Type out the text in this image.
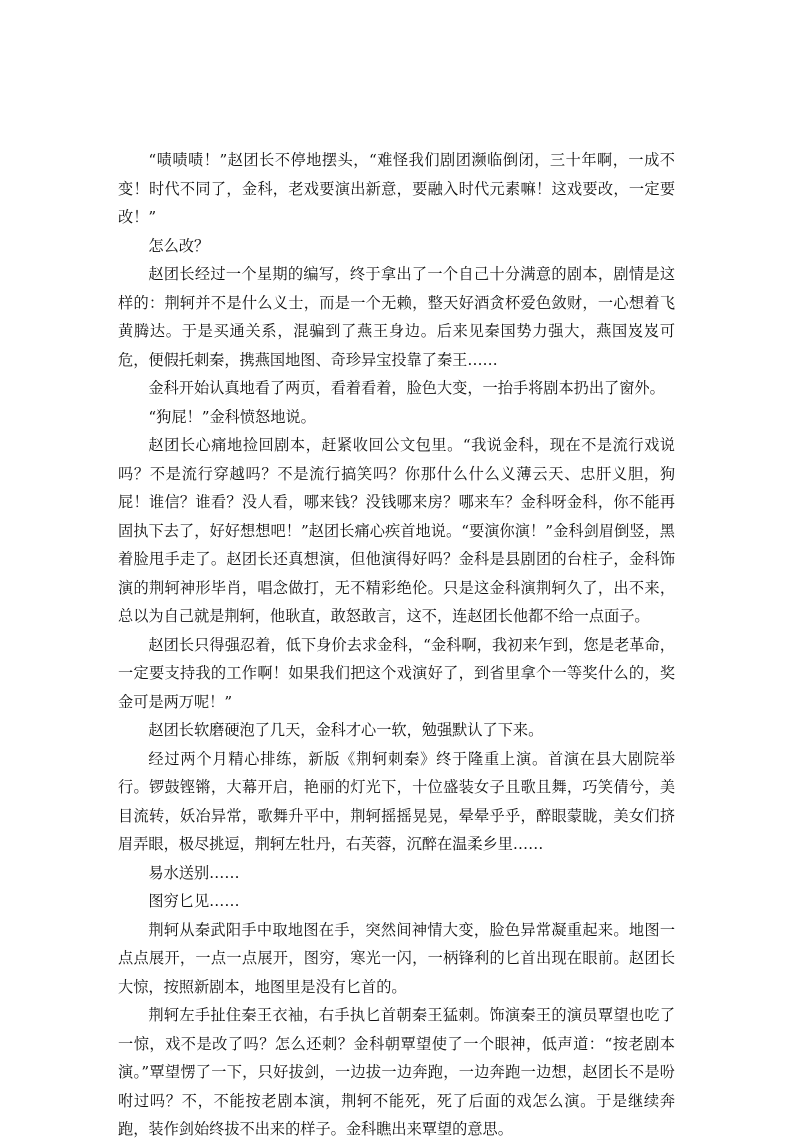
“啧啧啧！”赵团长不停地摆头，“难怪我们剧团濒临倒闭，三十年啊，一成不变！时代不同了，金科，老戏要演出新意，要融入时代元素嘛！这戏要改，一定要改！”

怎么改？

赵团长经过一个星期的编写，终于拿出了一个自己十分满意的剧本，剧情是这样的：荆轲并不是什么义士，而是一个无赖，整天好酒贪杯爱色敛财，一心想着飞黄腾达。于是买通关系，混骗到了燕王身边。后来见秦国势力强大，燕国岌岌可危，便假托刺秦，携燕国地图、奇珍异宝投靠了秦王……

金科开始认真地看了两页，看着看着，脸色大变，一抬手将剧本扔出了窗外。

“狗屁！”金科愤怒地说。

赵团长心痛地捡回剧本，赶紧收回公文包里。“我说金科，现在不是流行戏说吗？不是流行穿越吗？不是流行搞笑吗？你那什么什么义薄云天、忠肝义胆，狗屁！谁信？谁看？没人看，哪来钱？没钱哪来房？哪来车？金科呀金科，你不能再固执下去了，好好想想吧！”赵团长痛心疾首地说。“要演你演！”金科剑眉倒竖，黑着脸甩手走了。赵团长还真想演，但他演得好吗？金科是县剧团的台柱子，金科饰演的荆轲神形毕肖，唱念做打，无不精彩绝伦。只是这金科演荆轲久了，出不来，总以为自己就是荆轲，他耿直，敢怒敢言，这不，连赵团长他都不给一点面子。

赵团长只得强忍着，低下身价去求金科，“金科啊，我初来乍到，您是老革命，一定要支持我的工作啊！如果我们把这个戏演好了，到省里拿个一等奖什么的，奖金可是两万呢！”

赵团长软磨硬泡了几天，金科才心一软，勉强默认了下来。

经过两个月精心排练，新版《荆轲刺秦》终于隆重上演。首演在县大剧院举行。锣鼓铿锵，大幕开启，艳丽的灯光下，十位盛装女子且歌且舞，巧笑倩兮，美目流转，妖冶异常，歌舞升平中，荆轲摇摇晃晃，晕晕乎乎，醉眼蒙眬，美女们挤眉弄眼，极尽挑逗，荆轲左牡丹，右芙蓉，沉醉在温柔乡里……

易水送别……

图穷匕见……

荆轲从秦武阳手中取地图在手，突然间神情大变，脸色异常凝重起来。地图一点点展开，一点一点展开，图穷，寒光一闪，一柄锋利的匕首出现在眼前。赵团长大惊，按照新剧本，地图里是没有匕首的。

荆轲左手扯住秦王衣袖，右手执匕首朝秦王猛刺。饰演秦王的演员覃望也吃了一惊，戏不是改了吗？怎么还刺？金科朝覃望使了一个眼神，低声道：“按老剧本演。”覃望愣了一下，只好拔剑，一边拔一边奔跑，一边奔跑一边想，赵团长不是吩咐过吗？不，不能按老剧本演，荆轲不能死，死了后面的戏怎么演。于是继续奔跑，装作剑始终拔不出来的样子。金科瞧出来覃望的意思。
